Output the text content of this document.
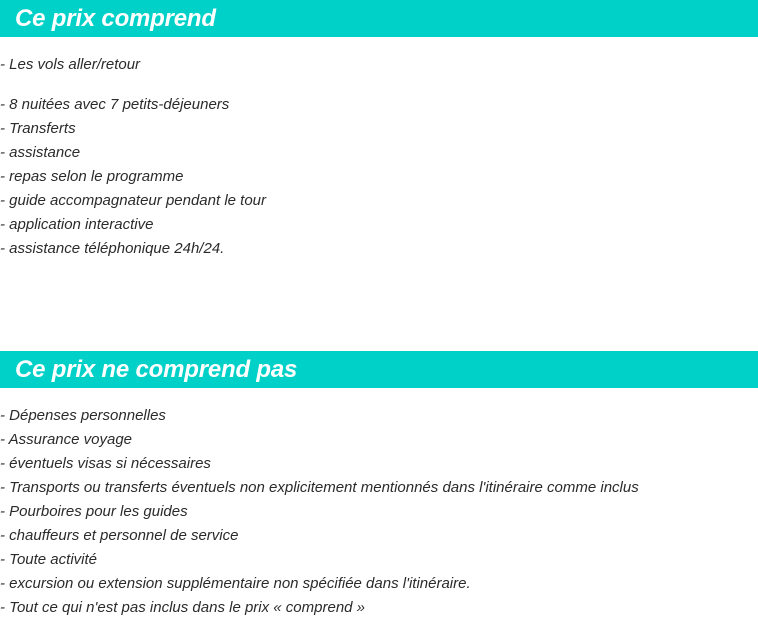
Ce prix comprend
- Les vols aller/retour
- 8 nuitées avec 7 petits-déjeuners
- Transferts
- assistance
- repas selon le programme
- guide accompagnateur pendant le tour
- application interactive
- assistance téléphonique 24h/24.
Ce prix ne comprend pas
- Dépenses personnelles
- Assurance voyage
- éventuels visas si nécessaires
- Transports ou transferts éventuels non explicitement mentionnés dans l'itinéraire comme inclus
- Pourboires pour les guides
- chauffeurs et personnel de service
- Toute activité
- excursion ou extension supplémentaire non spécifiée dans l'itinéraire.
- Tout ce qui n'est pas inclus dans le prix « comprend »
